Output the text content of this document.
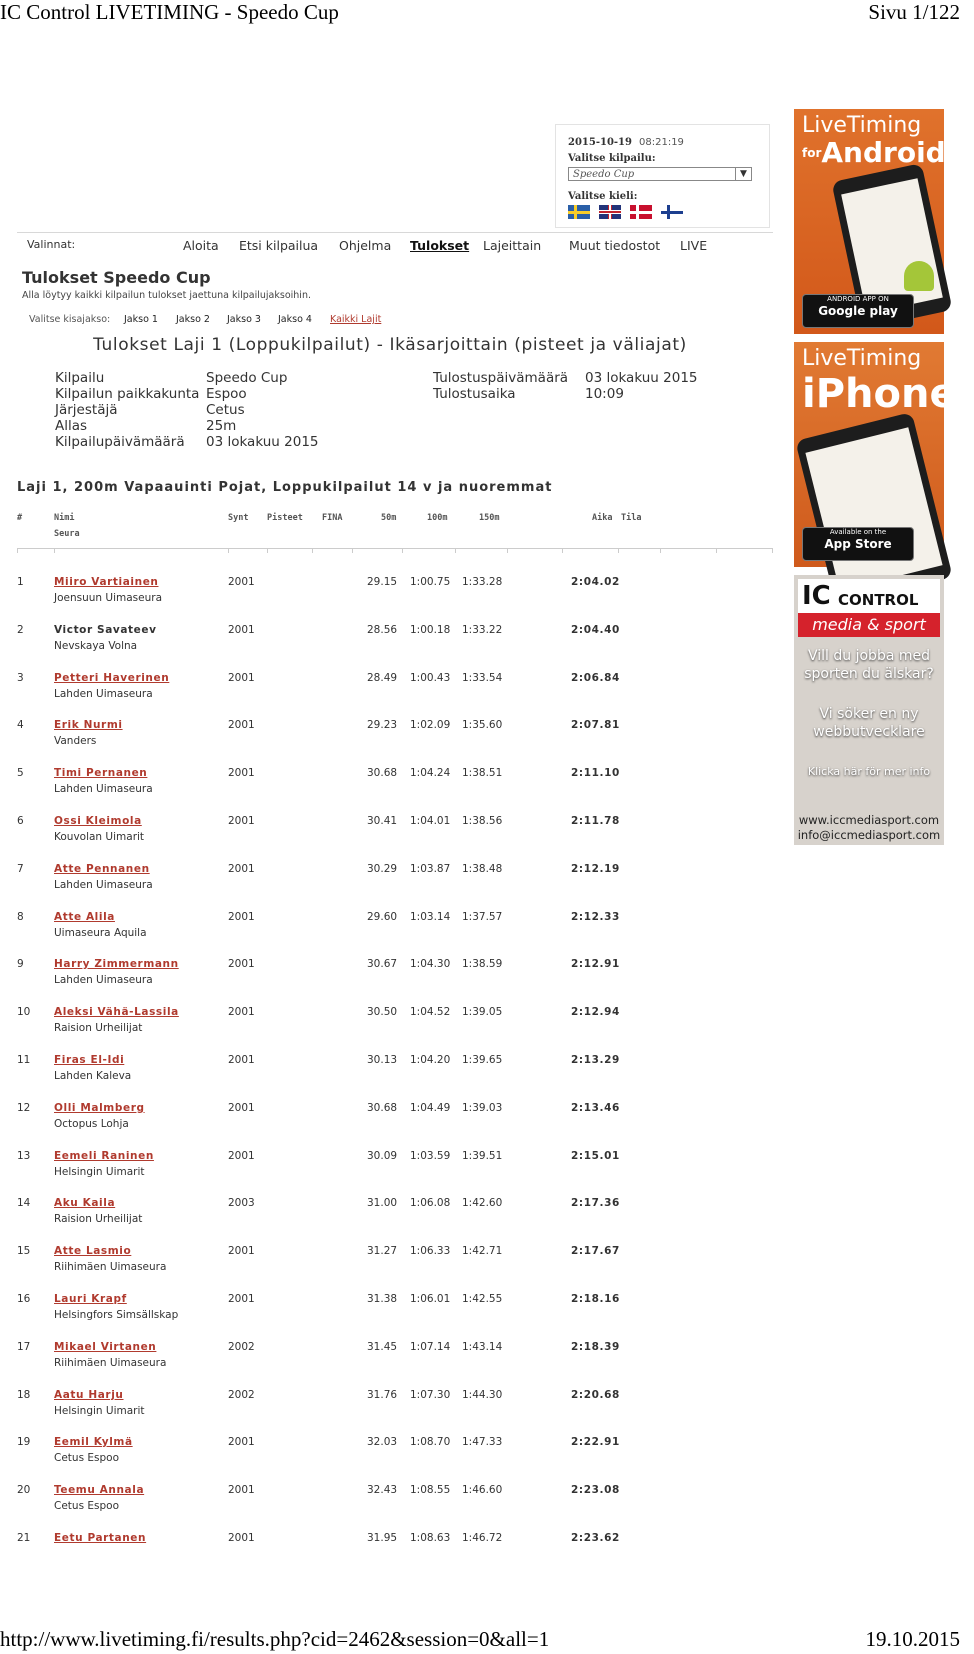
IC Control LIVETIMING - Speedo Cup	Sivu 1/122
2015-10-19 08:21:19
Valitse kilpailu:
Speedo Cup	▼
Valitse kieli:
Valinnat:	Aloita Etsi kilpailua Ohjelma Tulokset Lajeittain Muut tiedostot LIVE
Tulokset Speedo Cup
Alla löytyy kaikki kilpailun tulokset jaettuna kilpailujaksoihin.
Valitse kisajakso: Jakso 1 Jakso 2 Jakso 3 Jakso 4 Kaikki Lajit
Tulokset Laji 1 (Loppukilpailut) - Ikäsarjoittain (pisteet ja väliajat)
Kilpailu	Speedo Cup
Kilpailun paikkakunta Espoo
Järjestäjä	Cetus
Allas	25m
Kilpailupäivämäärä 03 lokakuu 2015
Tulostuspäivämäärä 03 lokakuu 2015
Tulostusaika	10:09
Laji 1, 200m Vapaauinti Pojat, Loppukilpailut 14 v ja nuoremmat
#	Nimi	Synt Pisteet FINA	50m	100m	150m	Aika Tila
Seura
1	Miiro Vartiainen
Joensuun Uimaseura
2001	29.15 1:00.75 1:33.28	2:04.02
2	Victor Savateev
Nevskaya Volna
2001	28.56 1:00.18 1:33.22	2:04.40
3	Petteri Haverinen
Lahden Uimaseura
2001	28.49 1:00.43 1:33.54	2:06.84
4	Erik Nurmi
Vanders
2001	29.23 1:02.09 1:35.60	2:07.81
5	Timi Pernanen
Lahden Uimaseura
2001	30.68 1:04.24 1:38.51	2:11.10
6	Ossi Kleimola
Kouvolan Uimarit
2001	30.41 1:04.01 1:38.56	2:11.78
7	Atte Pennanen
Lahden Uimaseura
2001	30.29 1:03.87 1:38.48	2:12.19
8	Atte Alila
Uimaseura Aquila
2001	29.60 1:03.14 1:37.57	2:12.33
9	Harry Zimmermann
Lahden Uimaseura
2001	30.67 1:04.30 1:38.59	2:12.91
10 Aleksi Vähä-Lassila
Raision Urheilijat
2001	30.50 1:04.52 1:39.05	2:12.94
11 Firas El-Idi
Lahden Kaleva
2001	30.13 1:04.20 1:39.65	2:13.29
12 Olli Malmberg
Octopus Lohja
2001	30.68 1:04.49 1:39.03	2:13.46
13 Eemeli Raninen
Helsingin Uimarit
2001	30.09 1:03.59 1:39.51	2:15.01
14 Aku Kaila
Raision Urheilijat
2003	31.00 1:06.08 1:42.60	2:17.36
15 Atte Lasmio
Riihimäen Uimaseura
2001	31.27 1:06.33 1:42.71	2:17.67
16 Lauri Krapf
Helsingfors Simsällskap
2001	31.38 1:06.01 1:42.55	2:18.16
17 Mikael Virtanen
Riihimäen Uimaseura
2002	31.45 1:07.14 1:43.14	2:18.39
18 Aatu Harju
Helsingin Uimarit
2002	31.76 1:07.30 1:44.30	2:20.68
19 Eemil Kylmä
Cetus Espoo
2001	32.03 1:08.70 1:47.33	2:22.91
20 Teemu Annala
Cetus Espoo
2001	32.43 1:08.55 1:46.60	2:23.08
21 Eetu Partanen	2001	31.95 1:08.63 1:46.72	2:23.62
LiveTiming
$^{for}$Android™
ANDROID APP ON
Google play
LiveTiming
iPhone
Available on the
App Store
IC CONTROL
media & sport
Vill du jobba med sporten du älskar?
Vi söker en ny webbutvecklare
Klicka här för mer info
www.iccmediasport.com
info@iccmediasport.com
http://www.livetiming.fi/results.php?cid=2462&session=0&all=1	19.10.2015
